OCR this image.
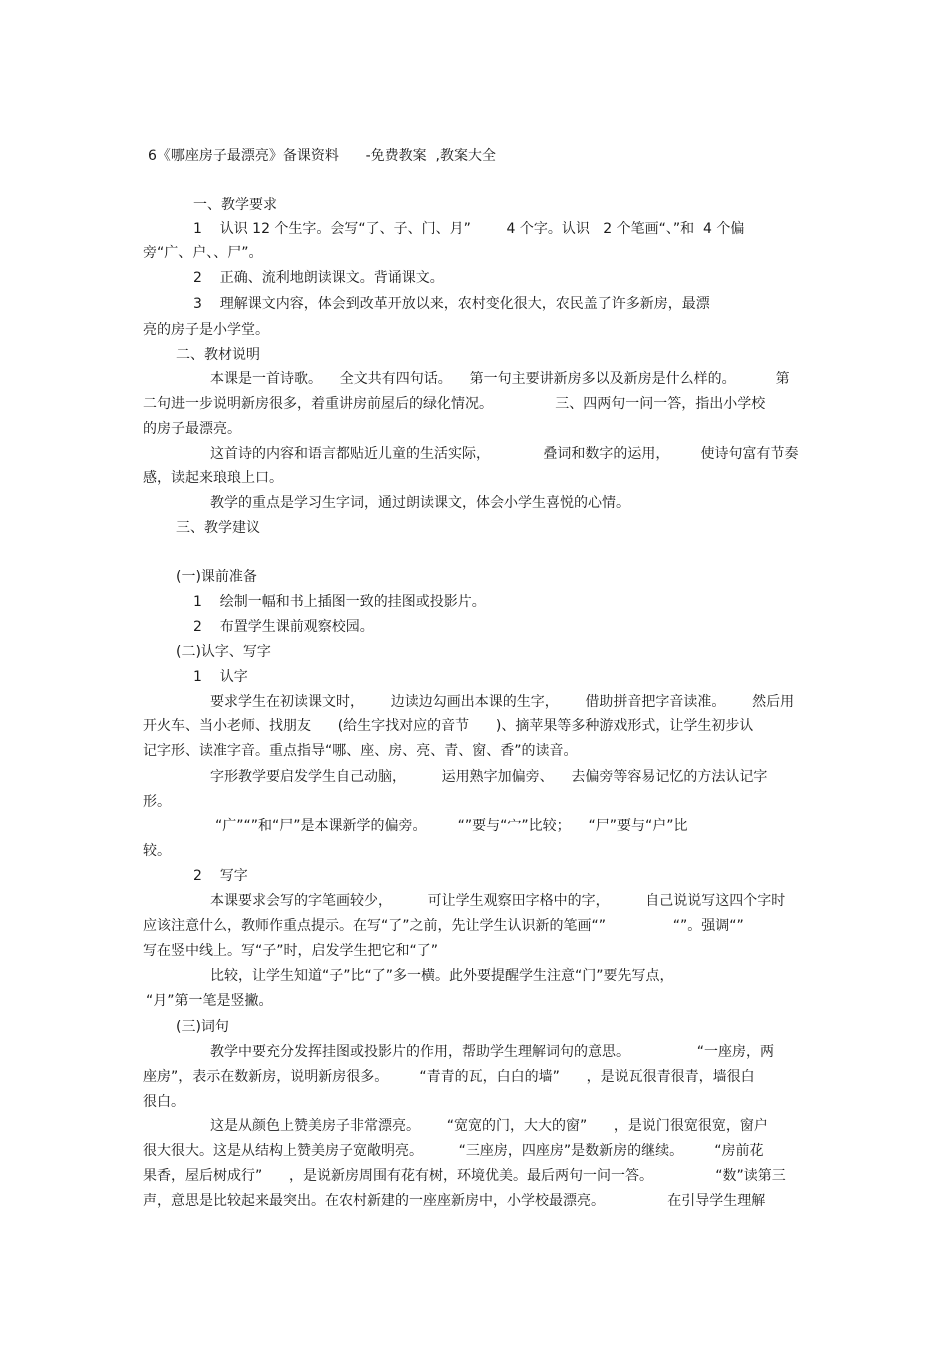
6《哪座房子最漂亮》备课资料      -免费教案  ,教案大全
一、教学要求
1    认识 12 个生字。会写“了、子、门、月”        4 个字。认识   2 个笔画“、”和  4 个偏
旁“广、户、、尸”。
2    正确、流利地朗读课文。背诵课文。
3    理解课文内容，体会到改革开放以来，农村变化很大，农民盖了许多新房，最漂
亮的房子是小学堂。
二、教材说明
本课是一首诗歌。    全文共有四句话。    第一句主要讲新房多以及新房是什么样的。         第
二句进一步说明新房很多，着重讲房前屋后的绿化情况。              三、四两句一问一答，指出小学校
的房子最漂亮。
这首诗的内容和语言都贴近儿童的生活实际，            叠词和数字的运用，       使诗句富有节奏
感，读起来琅琅上口。
教学的重点是学习生字词，通过朗读课文，体会小学生喜悦的心情。
三、教学建议
(一)课前准备
1    绘制一幅和书上插图一致的挂图或投影片。
2    布置学生课前观察校园。
(二)认字、写字
1    认字
要求学生在初读课文时，      边读边勾画出本课的生字，      借助拼音把字音读准。      然后用
开火车、当小老师、找朋友      (给生字找对应的音节      )、摘苹果等多种游戏形式，让学生初步认
记字形、读准字音。重点指导“哪、座、房、亮、青、窗、香”的读音。
字形教学要启发学生自己动脑，        运用熟字加偏旁、    去偏旁等容易记忆的方法认记字
形。
“广”“”和“尸”是本课新学的偏旁。       “”要与“宀”比较；    “尸”要与“户”比
较。
2    写字
本课要求会写的字笔画较少，        可让学生观察田字格中的字，        自己说说写这四个字时
应该注意什么，教师作重点提示。在写“了”之前，先让学生认识新的笔画“”               “”。强调“”
写在竖中线上。写“子”时，启发学生把它和“了”
比较，让学生知道“子”比“了”多一横。此外要提醒学生注意“门”要先写点，
“月”第一笔是竖撇。
(三)词句
教学中要充分发挥挂图或投影片的作用，帮助学生理解词句的意思。               “一座房，两
座房”，表示在数新房，说明新房很多。       “青青的瓦，白白的墙”      ，是说瓦很青很青，墙很白
很白。
这是从颜色上赞美房子非常漂亮。      “宽宽的门，大大的窗”      ，是说门很宽很宽，窗户
很大很大。这是从结构上赞美房子宽敞明亮。        “三座房，四座房”是数新房的继续。       “房前花
果香，屋后树成行”      ，是说新房周围有花有树，环境优美。最后两句一问一答。              “数”读第三
声，意思是比较起来最突出。在农村新建的一座座新房中，小学校最漂亮。              在引导学生理解
